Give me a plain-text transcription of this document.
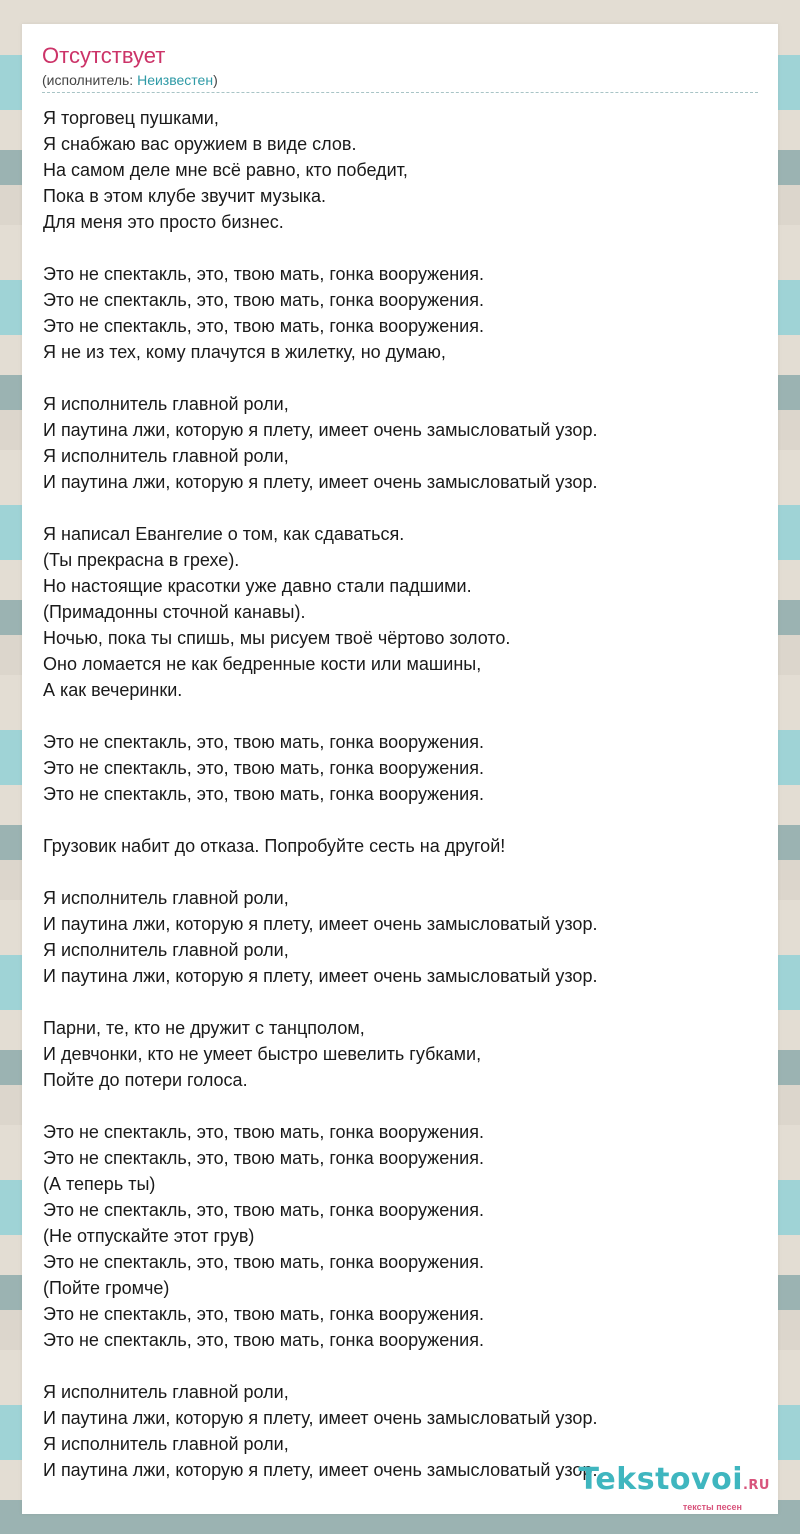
Отсутствует
(исполнитель: Неизвестен)
Я торговец пушками,
Я снабжаю вас оружием в виде слов.
На самом деле мне всё равно, кто победит,
Пока в этом клубе звучит музыка.
Для меня это просто бизнес.
Это не спектакль, это, твою мать, гонка вооружения.
Это не спектакль, это, твою мать, гонка вооружения.
Это не спектакль, это, твою мать, гонка вооружения.
Я не из тех, кому плачутся в жилетку, но думаю,
Я исполнитель главной роли,
И паутина лжи, которую я плету, имеет очень замысловатый узор.
Я исполнитель главной роли,
И паутина лжи, которую я плету, имеет очень замысловатый узор.
Я написал Евангелие о том, как сдаваться.
(Ты прекрасна в грехе).
Но настоящие красотки уже давно стали падшими.
(Примадонны сточной канавы).
Ночью, пока ты спишь, мы рисуем твоё чёртово золото.
Оно ломается не как бедренные кости или машины,
А как вечеринки.
Это не спектакль, это, твою мать, гонка вооружения.
Это не спектакль, это, твою мать, гонка вооружения.
Это не спектакль, это, твою мать, гонка вооружения.
Грузовик набит до отказа. Попробуйте сесть на другой!
Я исполнитель главной роли,
И паутина лжи, которую я плету, имеет очень замысловатый узор.
Я исполнитель главной роли,
И паутина лжи, которую я плету, имеет очень замысловатый узор.
Парни, те, кто не дружит с танцполом,
И девчонки, кто не умеет быстро шевелить губками,
Пойте до потери голоса.
Это не спектакль, это, твою мать, гонка вооружения.
Это не спектакль, это, твою мать, гонка вооружения.
(А теперь ты)
Это не спектакль, это, твою мать, гонка вооружения.
(Не отпускайте этот грув)
Это не спектакль, это, твою мать, гонка вооружения.
(Пойте громче)
Это не спектакль, это, твою мать, гонка вооружения.
Это не спектакль, это, твою мать, гонка вооружения.
Я исполнитель главной роли,
И паутина лжи, которую я плету, имеет очень замысловатый узор.
Я исполнитель главной роли,
И паутина лжи, которую я плету, имеет очень замысловатый узор.
Tekstovoi.RU
тексты песен
